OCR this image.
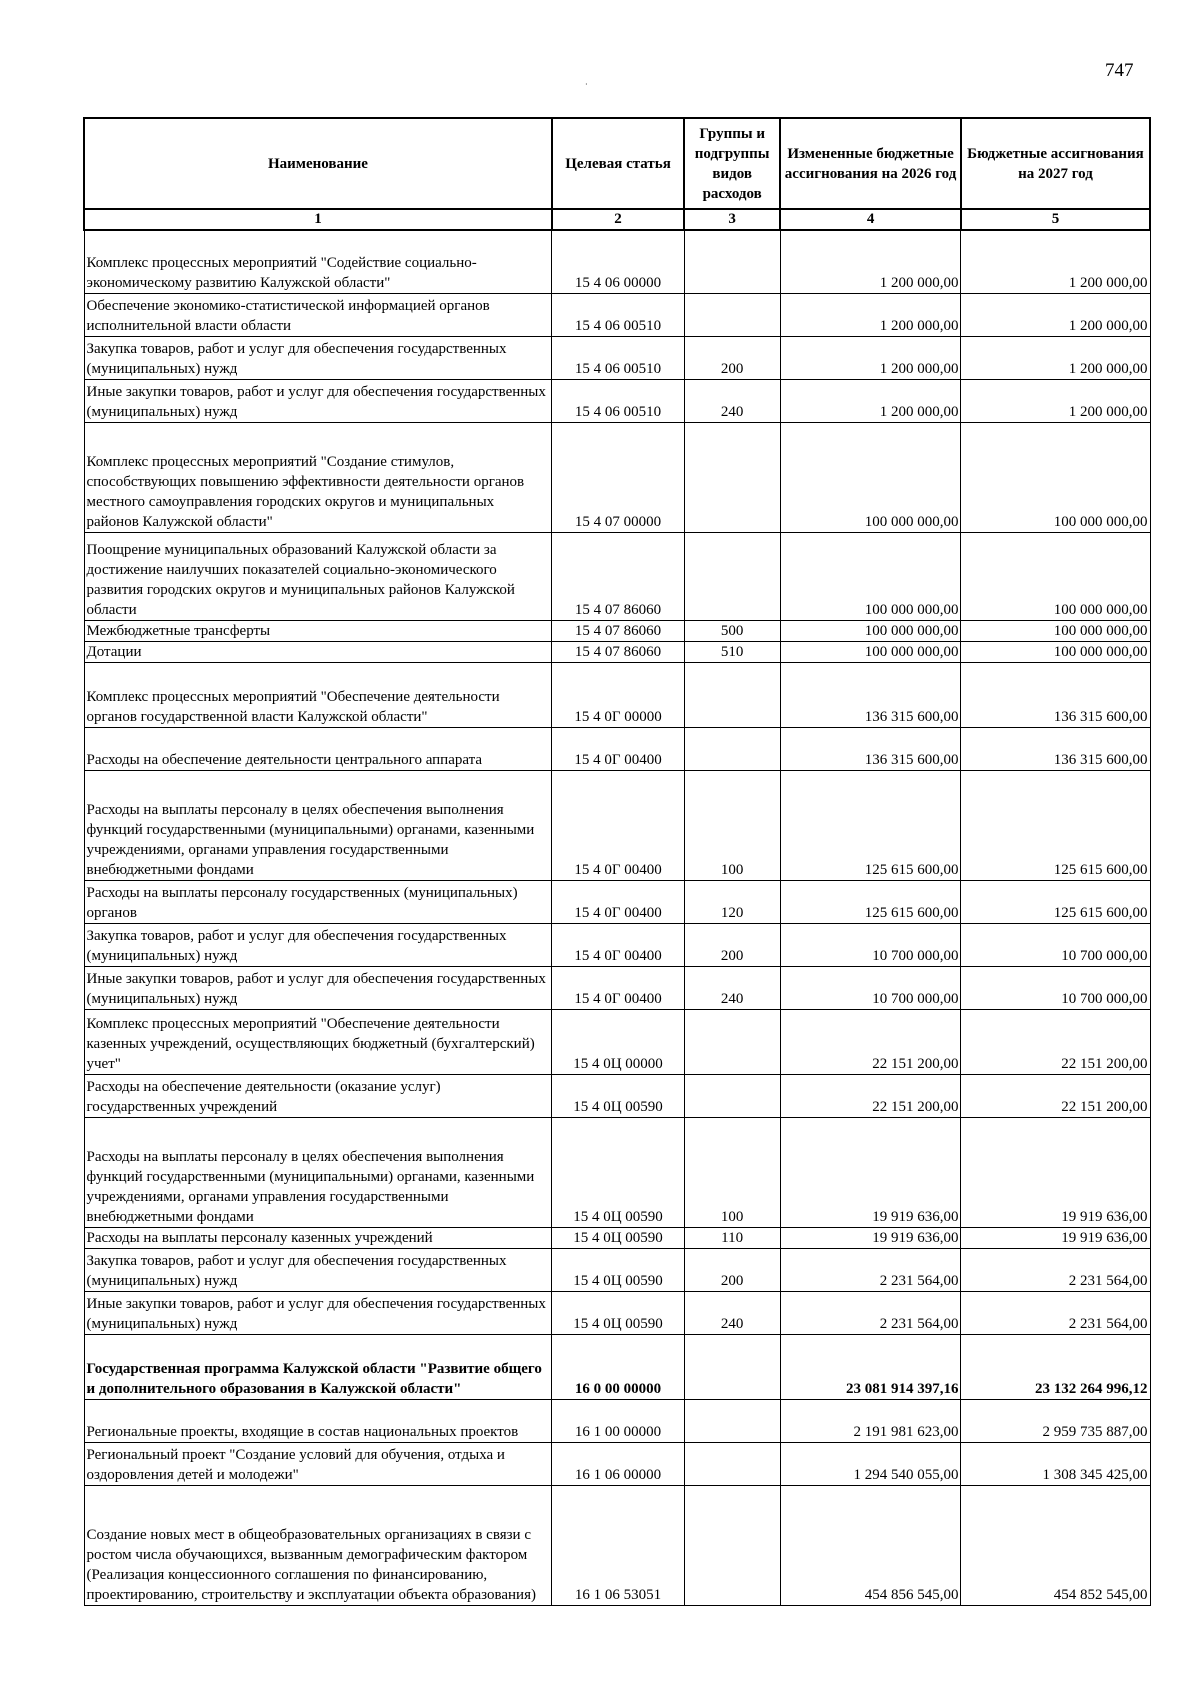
747
·
Наименование	Целевая статья	Группы и подгруппы видов расходов	Измененные бюджетные ассигнования на 2026 год	Бюджетные ассигнования на 2027 год
1	2	3	4	5
Комплекс процессных мероприятий "Содействие социально-экономическому развитию Калужской области"	15 4 06 00000		1 200 000,00	1 200 000,00
Обеспечение экономико-статистической информацией органов исполнительной власти области	15 4 06 00510		1 200 000,00	1 200 000,00
Закупка товаров, работ и услуг для обеспечения государственных (муниципальных) нужд	15 4 06 00510	200	1 200 000,00	1 200 000,00
Иные закупки товаров, работ и услуг для обеспечения государственных (муниципальных) нужд	15 4 06 00510	240	1 200 000,00	1 200 000,00
Комплекс процессных мероприятий "Создание стимулов, способствующих повышению эффективности деятельности органов местного самоуправления городских округов и муниципальных районов Калужской области"	15 4 07 00000		100 000 000,00	100 000 000,00
Поощрение муниципальных образований Калужской области за достижение наилучших показателей социально-экономического развития городских округов и муниципальных районов Калужской области	15 4 07 86060		100 000 000,00	100 000 000,00
Межбюджетные трансферты	15 4 07 86060	500	100 000 000,00	100 000 000,00
Дотации	15 4 07 86060	510	100 000 000,00	100 000 000,00
Комплекс процессных мероприятий "Обеспечение деятельности органов государственной власти Калужской области"	15 4 0Г 00000		136 315 600,00	136 315 600,00
Расходы на обеспечение деятельности центрального аппарата	15 4 0Г 00400		136 315 600,00	136 315 600,00
Расходы на выплаты персоналу в целях обеспечения выполнения функций государственными (муниципальными) органами, казенными учреждениями, органами управления государственными внебюджетными фондами	15 4 0Г 00400	100	125 615 600,00	125 615 600,00
Расходы на выплаты персоналу государственных (муниципальных) органов	15 4 0Г 00400	120	125 615 600,00	125 615 600,00
Закупка товаров, работ и услуг для обеспечения государственных (муниципальных) нужд	15 4 0Г 00400	200	10 700 000,00	10 700 000,00
Иные закупки товаров, работ и услуг для обеспечения государственных (муниципальных) нужд	15 4 0Г 00400	240	10 700 000,00	10 700 000,00
Комплекс процессных мероприятий "Обеспечение деятельности казенных учреждений, осуществляющих бюджетный (бухгалтерский) учет"	15 4 0Ц 00000		22 151 200,00	22 151 200,00
Расходы на обеспечение деятельности (оказание услуг) государственных учреждений	15 4 0Ц 00590		22 151 200,00	22 151 200,00
Расходы на выплаты персоналу в целях обеспечения выполнения функций государственными (муниципальными) органами, казенными учреждениями, органами управления государственными внебюджетными фондами	15 4 0Ц 00590	100	19 919 636,00	19 919 636,00
Расходы на выплаты персоналу казенных учреждений	15 4 0Ц 00590	110	19 919 636,00	19 919 636,00
Закупка товаров, работ и услуг для обеспечения государственных (муниципальных) нужд	15 4 0Ц 00590	200	2 231 564,00	2 231 564,00
Иные закупки товаров, работ и услуг для обеспечения государственных (муниципальных) нужд	15 4 0Ц 00590	240	2 231 564,00	2 231 564,00
Государственная программа Калужской области "Развитие общего и дополнительного образования в Калужской области"	16 0 00 00000		23 081 914 397,16	23 132 264 996,12
Региональные проекты, входящие в состав национальных проектов	16 1 00 00000		2 191 981 623,00	2 959 735 887,00
Региональный проект "Создание условий для обучения, отдыха и оздоровления детей и молодежи"	16 1 06 00000		1 294 540 055,00	1 308 345 425,00
Создание новых мест в общеобразовательных организациях в связи с ростом числа обучающихся, вызванным демографическим фактором (Реализация концессионного соглашения по финансированию, проектированию, строительству и эксплуатации объекта образования)	16 1 06 53051		454 856 545,00	454 852 545,00
